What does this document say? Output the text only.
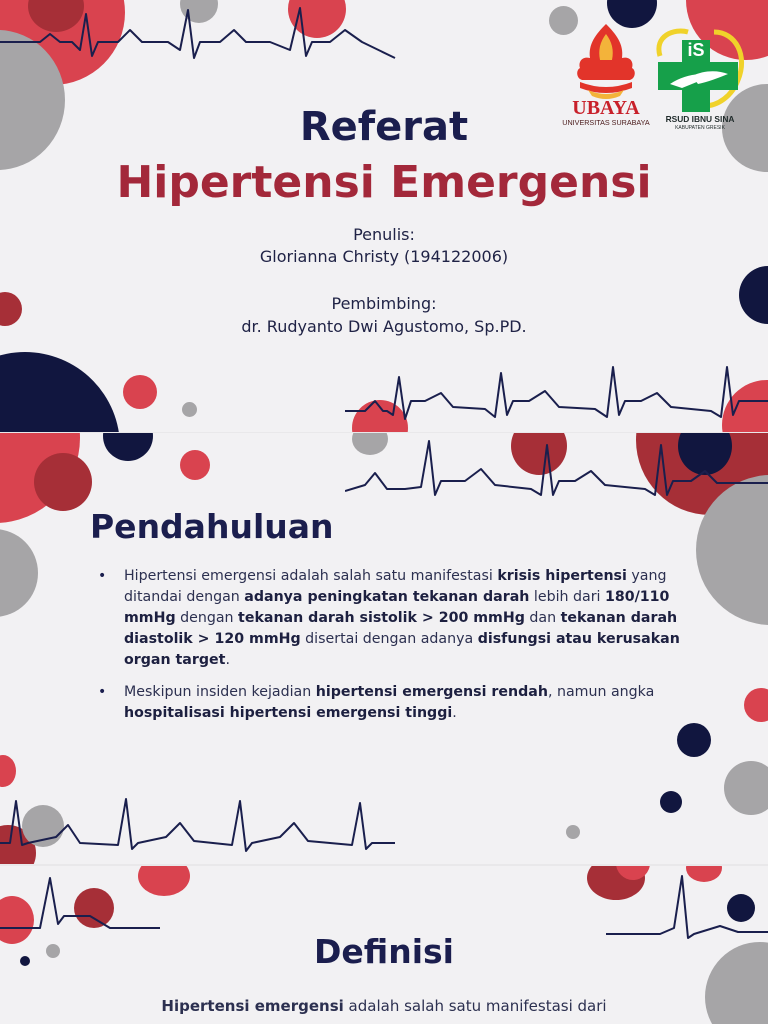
UBAYA
UNIVERSITAS SURABAYA
iS
RSUD IBNU SINA
KABUPATEN GRESIK
Referat
Hipertensi Emergensi
Penulis:
Glorianna Christy (194122006)
Pembimbing:
dr. Rudyanto Dwi Agustomo, Sp.PD.
Pendahuluan
• Hipertensi emergensi adalah salah satu manifestasi krisis hipertensi yang ditandai dengan adanya peningkatan tekanan darah lebih dari 180/110 mmHg dengan tekanan darah sistolik > 200 mmHg dan tekanan darah diastolik > 120 mmHg disertai dengan adanya disfungsi atau kerusakan organ target.
• Meskipun insiden kejadian hipertensi emergensi rendah, namun angka hospitalisasi hipertensi emergensi tinggi.
Definisi
Hipertensi emergensi adalah salah satu manifestasi dari
